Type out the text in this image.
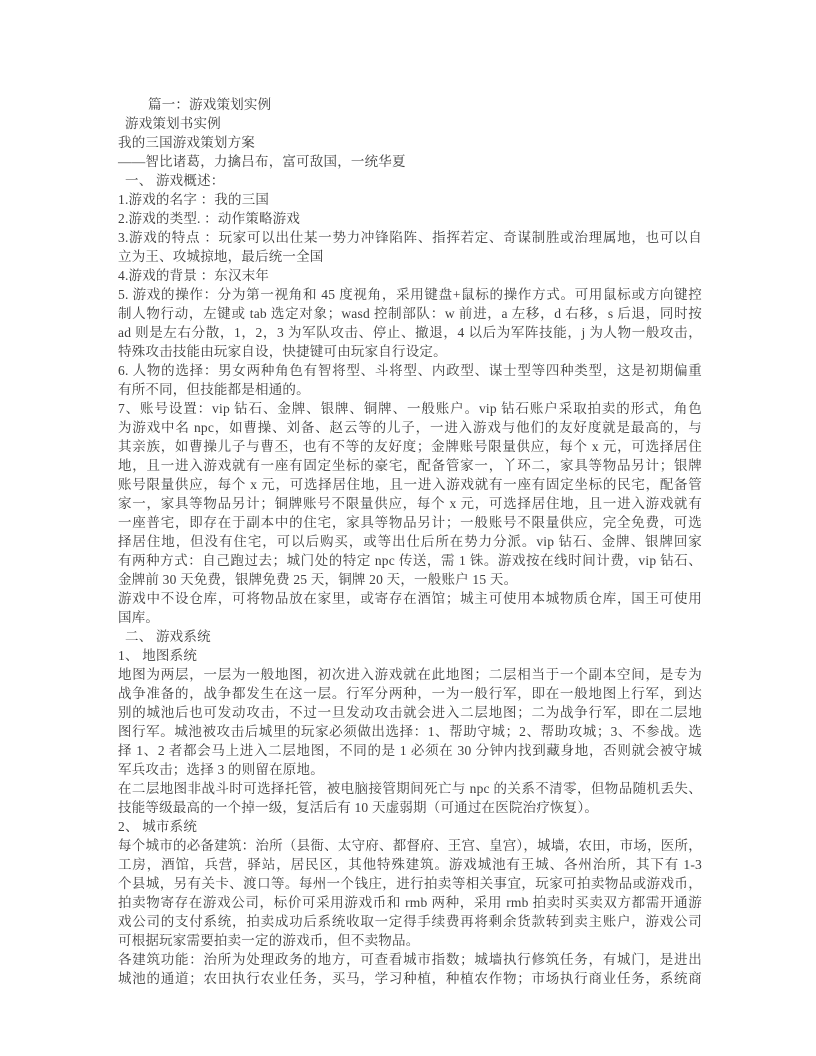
篇一：游戏策划实例
游戏策划书实例
我的三国游戏策划方案
——智比诸葛，力擒吕布，富可敌国，一统华夏
一、 游戏概述：
1.游戏的名字 ：我的三国
2.游戏的类型. ：动作策略游戏
3.游戏的特点 ：玩家可以出仕某一势力冲锋陷阵、指挥若定、奇谋制胜或治理属地，也可以自
立为王、攻城掠地，最后统一全国
4.游戏的背景 ：东汉末年
5. 游戏的操作：分为第一视角和 45 度视角，采用键盘+鼠标的操作方式。可用鼠标或方向键控
制人物行动，左键或 tab 选定对象；wasd 控制部队：w 前进，a 左移，d 右移，s 后退，同时按
ad 则是左右分散，1，2，3 为军队攻击、停止、撤退，4 以后为军阵技能，j 为人物一般攻击，
特殊攻击技能由玩家自设，快捷键可由玩家自行设定。
6. 人物的选择：男女两种角色有智将型、斗将型、内政型、谋士型等四种类型，这是初期偏重
有所不同，但技能都是相通的。
7、账号设置：vip 钻石、金牌、银牌、铜牌、一般账户。vip 钻石账户采取拍卖的形式，角色
为游戏中名 npc，如曹操、刘备、赵云等的儿子，一进入游戏与他们的友好度就是最高的，与
其亲族，如曹操儿子与曹丕，也有不等的友好度；金牌账号限量供应，每个 x 元，可选择居住
地，且一进入游戏就有一座有固定坐标的豪宅，配备管家一，丫环二，家具等物品另计；银牌
账号限量供应，每个 x 元，可选择居住地，且一进入游戏就有一座有固定坐标的民宅，配备管
家一，家具等物品另计；铜牌账号不限量供应，每个 x 元，可选择居住地，且一进入游戏就有
一座普宅，即存在于副本中的住宅，家具等物品另计；一般账号不限量供应，完全免费，可选
择居住地，但没有住宅，可以后购买，或等出仕后所在势力分派。vip 钻石、金牌、银牌回家
有两种方式：自己跑过去；城门处的特定 npc 传送，需 1 铢。游戏按在线时间计费，vip 钻石、
金牌前 30 天免费，银牌免费 25 天，铜牌 20 天，一般账户 15 天。
游戏中不设仓库，可将物品放在家里，或寄存在酒馆；城主可使用本城物质仓库，国王可使用
国库。
二、 游戏系统
1、 地图系统
地图为两层，一层为一般地图，初次进入游戏就在此地图；二层相当于一个副本空间，是专为
战争准备的，战争都发生在这一层。行军分两种，一为一般行军，即在一般地图上行军，到达
别的城池后也可发动攻击，不过一旦发动攻击就会进入二层地图；二为战争行军，即在二层地
图行军。城池被攻击后城里的玩家必须做出选择：1、帮助守城；2、帮助攻城；3、不参战。选
择 1、2 者都会马上进入二层地图，不同的是 1 必须在 30 分钟内找到藏身地，否则就会被守城
军兵攻击；选择 3 的则留在原地。
在二层地图非战斗时可选择托管，被电脑接管期间死亡与 npc 的关系不清零，但物品随机丢失、
技能等级最高的一个掉一级，复活后有 10 天虚弱期（可通过在医院治疗恢复）。
2、 城市系统
每个城市的必备建筑：治所（县衙、太守府、都督府、王宫、皇宫），城墙，农田，市场，医所，
工房，酒馆，兵营，驿站，居民区，其他特殊建筑。游戏城池有王城、各州治所，其下有 1-3
个县城，另有关卡、渡口等。每州一个钱庄，进行拍卖等相关事宜，玩家可拍卖物品或游戏币，
拍卖物寄存在游戏公司，标价可采用游戏币和 rmb 两种，采用 rmb 拍卖时买卖双方都需开通游
戏公司的支付系统，拍卖成功后系统收取一定得手续费再将剩余货款转到卖主账户，游戏公司
可根据玩家需要拍卖一定的游戏币，但不卖物品。
各建筑功能：治所为处理政务的地方，可查看城市指数；城墙执行修筑任务，有城门，是进出
城池的通道；农田执行农业任务，买马，学习种植，种植农作物；市场执行商业任务，系统商
